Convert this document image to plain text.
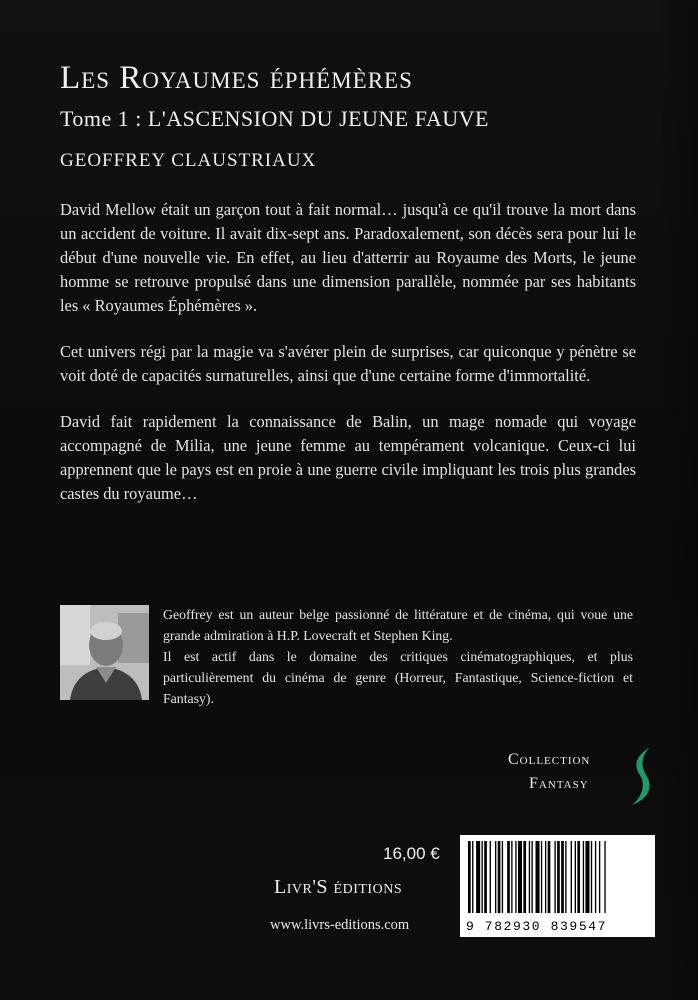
Les Royaumes éphémères
Tome 1 : L'ASCENSION DU JEUNE FAUVE
GEOFFREY CLAUSTRIAUX

David Mellow était un garçon tout à fait normal… jusqu'à ce qu'il trouve la mort dans un accident de voiture. Il avait dix-sept ans. Paradoxalement, son décès sera pour lui le début d'une nouvelle vie. En effet, au lieu d'atterrir au Royaume des Morts, le jeune homme se retrouve propulsé dans une dimension parallèle, nommée par ses habitants les « Royaumes Éphémères ».

Cet univers régi par la magie va s'avérer plein de surprises, car quiconque y pénètre se voit doté de capacités surnaturelles, ainsi que d'une certaine forme d'immortalité.

David fait rapidement la connaissance de Balin, un mage nomade qui voyage accompagné de Milia, une jeune femme au tempérament volcanique. Ceux-ci lui apprennent que le pays est en proie à une guerre civile impliquant les trois plus grandes castes du royaume…

Geoffrey est un auteur belge passionné de littérature et de cinéma, qui voue une grande admiration à H.P. Lovecraft et Stephen King.

Il est actif dans le domaine des critiques cinématographiques, et plus particulièrement du cinéma de genre (Horreur, Fantastique, Science-fiction et Fantasy).

Collection
Fantasy
16,00 €
Livr'S éditions
www.livrs-editions.com	9 782930 839547
